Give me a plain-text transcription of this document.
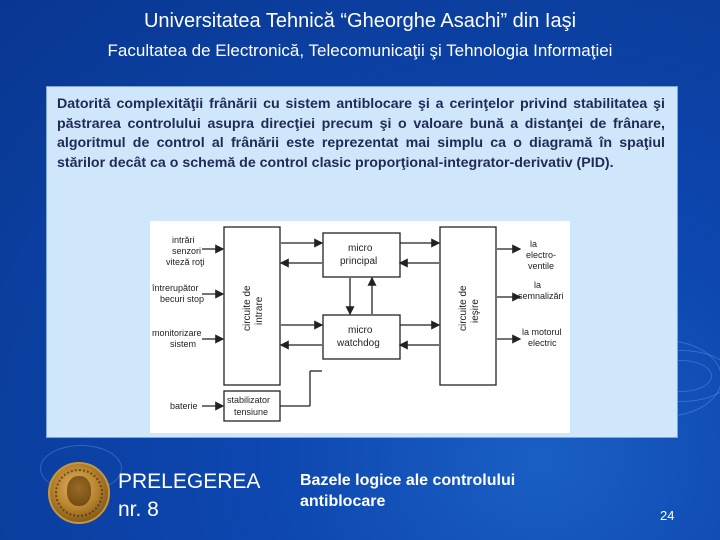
Universitatea Tehnică “Gheorghe Asachi” din Iaşi
Facultatea de Electronică, Telecomunicaţii şi Tehnologia Informaţiei
Datorită complexităţii frânării cu sistem antiblocare şi a cerinţelor privind stabilitatea şi păstrarea controlului asupra direcţiei precum şi o valoare bună a distanţei de frânare, algoritmul de control al frânării este reprezentat mai simplu ca o diagramă în spaţiul stărilor decât ca o schemă de control clasic proporţional-integrator-derivativ (PID).
intrări
senzori
viteză roţi
întrerupător
becuri stop
monitorizare
sistem
baterie
circuite de intrare	circuite de ieşire
micro
principal
micro
watchdog
stabilizator
tensiune
la
electro-
ventile
la
semnalizări
la motorul
electric
PRELEGEREA
nr. 8
Bazele logice ale controlului antiblocare
24
